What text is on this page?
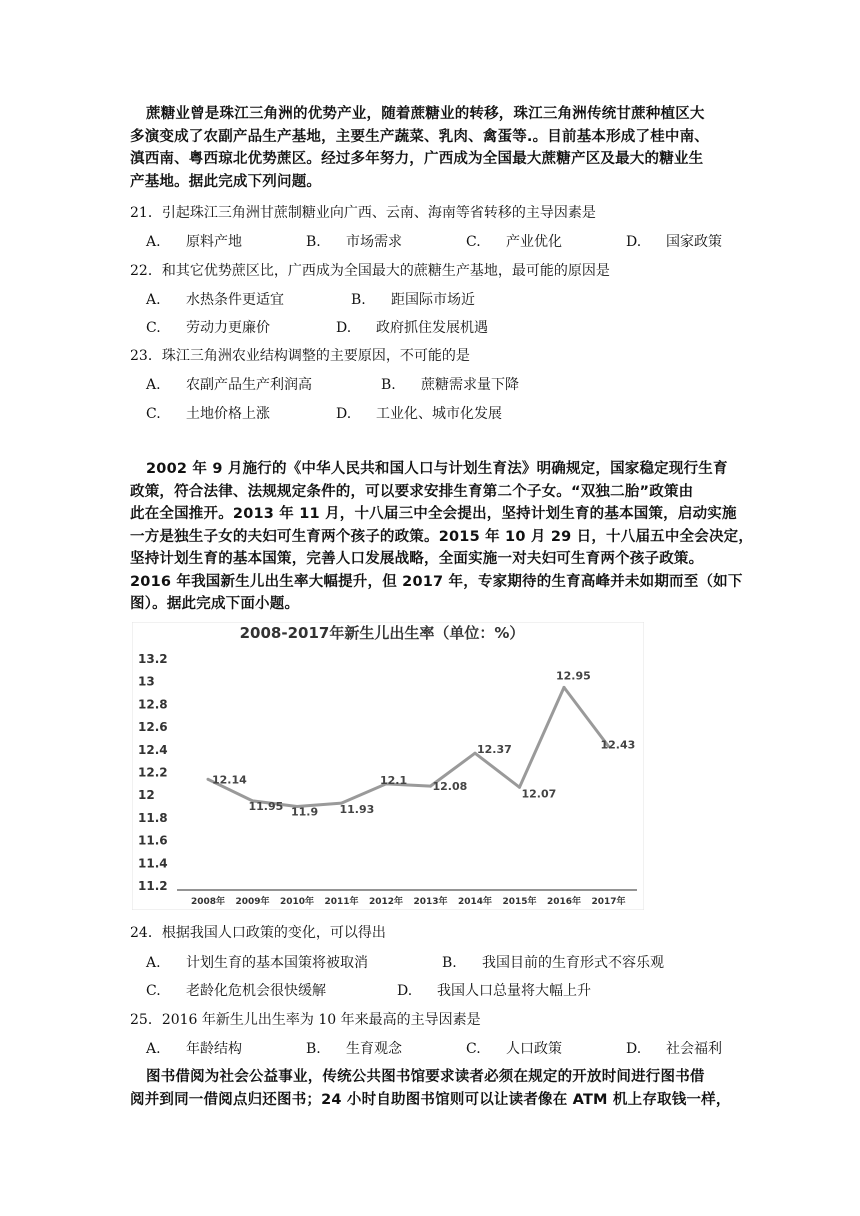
蔗糖业曾是珠江三角洲的优势产业，随着蔗糖业的转移，珠江三角洲传统甘蔗种植区大
多演变成了农副产品生产基地，主要生产蔬菜、乳肉、禽蛋等.。目前基本形成了桂中南、
滇西南、粤西琼北优势蔗区。经过多年努力，广西成为全国最大蔗糖产区及最大的糖业生
产基地。据此完成下列问题。
21．引起珠江三角洲甘蔗制糖业向广西、云南、海南等省转移的主导因素是
A. 原料产地	B. 市场需求	C. 产业优化	D. 国家政策
22．和其它优势蔗区比，广西成为全国最大的蔗糖生产基地，最可能的原因是
A. 水热条件更适宜	B. 距国际市场近
C. 劳动力更廉价	D. 政府抓住发展机遇
23．珠江三角洲农业结构调整的主要原因，不可能的是
A. 农副产品生产利润高	B. 蔗糖需求量下降
C. 土地价格上涨	D. 工业化、城市化发展
2002 年 9 月施行的《中华人民共和国人口与计划生育法》明确规定，国家稳定现行生育
政策，符合法律、法规规定条件的，可以要求安排生育第二个子女。“双独二胎”政策由
此在全国推开。2013 年 11 月，十八届三中全会提出，坚持计划生育的基本国策，启动实施
一方是独生子女的夫妇可生育两个孩子的政策。2015 年 10 月 29 日，十八届五中全会决定，
坚持计划生育的基本国策，完善人口发展战略，全面实施一对夫妇可生育两个孩子政策。
2016 年我国新生儿出生率大幅提升，但 2017 年，专家期待的生育高峰并未如期而至（如下
图）。据此完成下面小题。
2008-2017年新生儿出生率（单位：%）
13.2
13
12.8
12.6
12.4
12.2
12
11.8
11.6
11.4
11.2
2008年 2009年 2010年 2011年 2012年 2013年 2014年 2015年 2016年 2017年
12.14
11.95 11.9 11.93
12.1 12.08
12.37
12.07
12.95
12.43
24．根据我国人口政策的变化，可以得出
A. 计划生育的基本国策将被取消	B. 我国目前的生育形式不容乐观
C. 老龄化危机会很快缓解	D. 我国人口总量将大幅上升
25．2016 年新生儿出生率为 10 年来最高的主导因素是
A. 年龄结构	B. 生育观念	C. 人口政策	D. 社会福利
图书借阅为社会公益事业，传统公共图书馆要求读者必须在规定的开放时间进行图书借
阅并到同一借阅点归还图书；24 小时自助图书馆则可以让读者像在 ATM 机上存取钱一样，
